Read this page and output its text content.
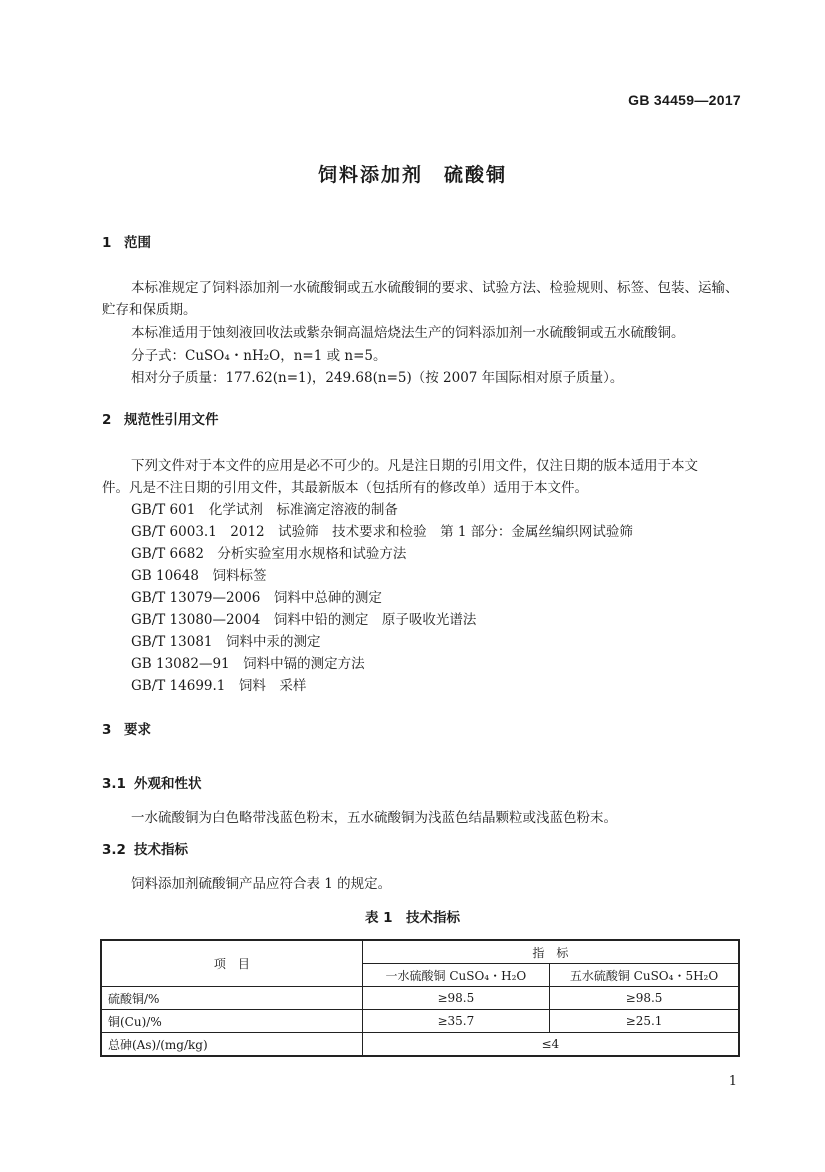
GB 34459—2017
饲料添加剂　硫酸铜
1 范围
本标准规定了饲料添加剂一水硫酸铜或五水硫酸铜的要求、试验方法、检验规则、标签、包装、运输、
贮存和保质期。
本标准适用于蚀刻液回收法或紫杂铜高温焙烧法生产的饲料添加剂一水硫酸铜或五水硫酸铜。
分子式：CuSO₄・nH₂O，n=1 或 n=5。
相对分子质量：177.62(n=1)，249.68(n=5)（按 2007 年国际相对原子质量）。
2 规范性引用文件
下列文件对于本文件的应用是必不可少的。凡是注日期的引用文件，仅注日期的版本适用于本文
件。凡是不注日期的引用文件，其最新版本（包括所有的修改单）适用于本文件。
GB/T 601　化学试剂　标准滴定溶液的制备
GB/T 6003.1　2012　试验筛　技术要求和检验　第 1 部分：金属丝编织网试验筛
GB/T 6682　分析实验室用水规格和试验方法
GB 10648　饲料标签
GB/T 13079—2006　饲料中总砷的测定
GB/T 13080—2004　饲料中铅的测定　原子吸收光谱法
GB/T 13081　饲料中汞的测定
GB 13082—91　饲料中镉的测定方法
GB/T 14699.1　饲料　采样
3 要求
3.1 外观和性状
一水硫酸铜为白色略带浅蓝色粉末，五水硫酸铜为浅蓝色结晶颗粒或浅蓝色粉末。
3.2 技术指标
饲料添加剂硫酸铜产品应符合表 1 的规定。
表 1　技术指标
项　目	指　标	
	一水硫酸铜 CuSO₄・H₂O	五水硫酸铜 CuSO₄・5H₂O
硫酸铜/%	≥98.5	≥98.5
铜(Cu)/%	≥35.7	≥25.1
总砷(As)/(mg/kg)	≤4	
1
